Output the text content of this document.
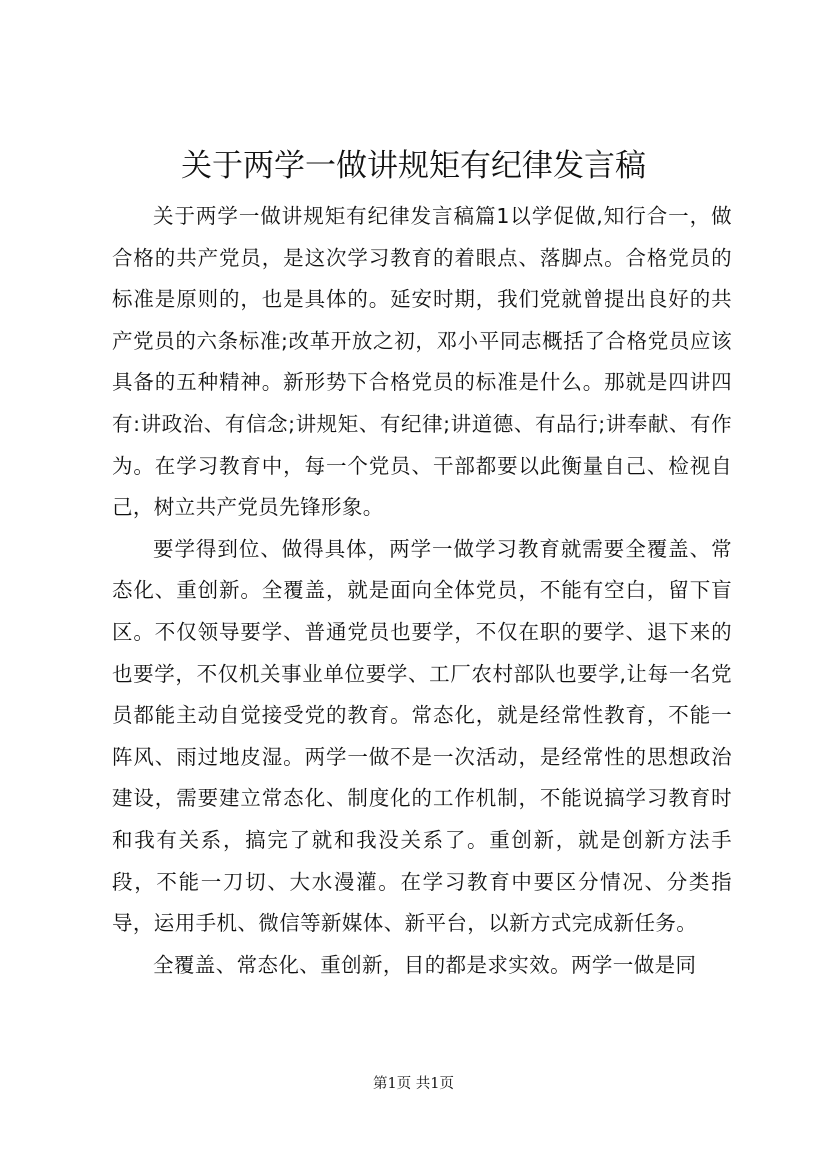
关于两学一做讲规矩有纪律发言稿

关于两学一做讲规矩有纪律发言稿篇1以学促做,知行合一，做合格的共产党员，是这次学习教育的着眼点、落脚点。合格党员的标准是原则的，也是具体的。延安时期，我们党就曾提出良好的共产党员的六条标准;改革开放之初，邓小平同志概括了合格党员应该具备的五种精神。新形势下合格党员的标准是什么。那就是四讲四有:讲政治、有信念;讲规矩、有纪律;讲道德、有品行;讲奉献、有作为。在学习教育中，每一个党员、干部都要以此衡量自己、检视自己，树立共产党员先锋形象。

要学得到位、做得具体，两学一做学习教育就需要全覆盖、常态化、重创新。全覆盖，就是面向全体党员，不能有空白，留下盲区。不仅领导要学、普通党员也要学，不仅在职的要学、退下来的也要学，不仅机关事业单位要学、工厂农村部队也要学,让每一名党员都能主动自觉接受党的教育。常态化，就是经常性教育，不能一阵风、雨过地皮湿。两学一做不是一次活动，是经常性的思想政治建设，需要建立常态化、制度化的工作机制，不能说搞学习教育时和我有关系，搞完了就和我没关系了。重创新，就是创新方法手段，不能一刀切、大水漫灌。在学习教育中要区分情况、分类指导，运用手机、微信等新媒体、新平台，以新方式完成新任务。

全覆盖、常态化、重创新，目的都是求实效。两学一做是同

第1页 共1页
